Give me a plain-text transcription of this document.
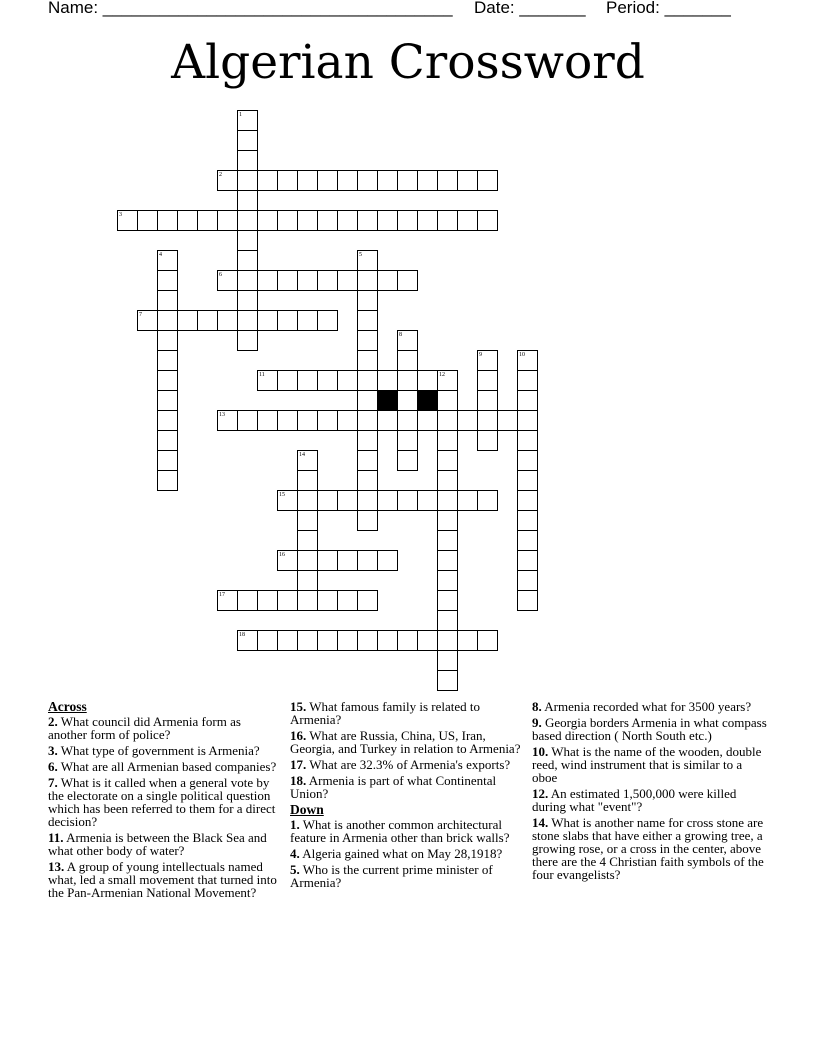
Name: _____________________________________ Date: _______ Period: _______
Algerian Crossword
1
2
3
4	5
6
7
8
9	10
11	12
13
14
15
16
17
18

Across

2. What council did Armenia form as another form of police?

3. What type of government is Armenia?

6. What are all Armenian based companies?

7. What is it called when a general vote by the electorate on a single political question which has been referred to them for a direct decision?

11. Armenia is between the Black Sea and what other body of water?

13. A group of young intellectuals named what, led a small movement that turned into the Pan-Armenian National Movement?

15. What famous family is related to Armenia?

16. What are Russia, China, US, Iran, Georgia, and Turkey in relation to Armenia?

17. What are 32.3% of Armenia's exports?

18. Armenia is part of what Continental Union?

Down

1. What is another common architectural feature in Armenia other than brick walls?

4. Algeria gained what on May 28,1918?

5. Who is the current prime minister of Armenia?

8. Armenia recorded what for 3500 years?

9. Georgia borders Armenia in what compass based direction ( North South etc.)

10. What is the name of the wooden, double reed, wind instrument that is similar to a oboe

12. An estimated 1,500,000 were killed during what "event"?

14. What is another name for cross stone are stone slabs that have either a growing tree, a growing rose, or a cross in the center, above there are the 4 Christian faith symbols of the four evangelists?
